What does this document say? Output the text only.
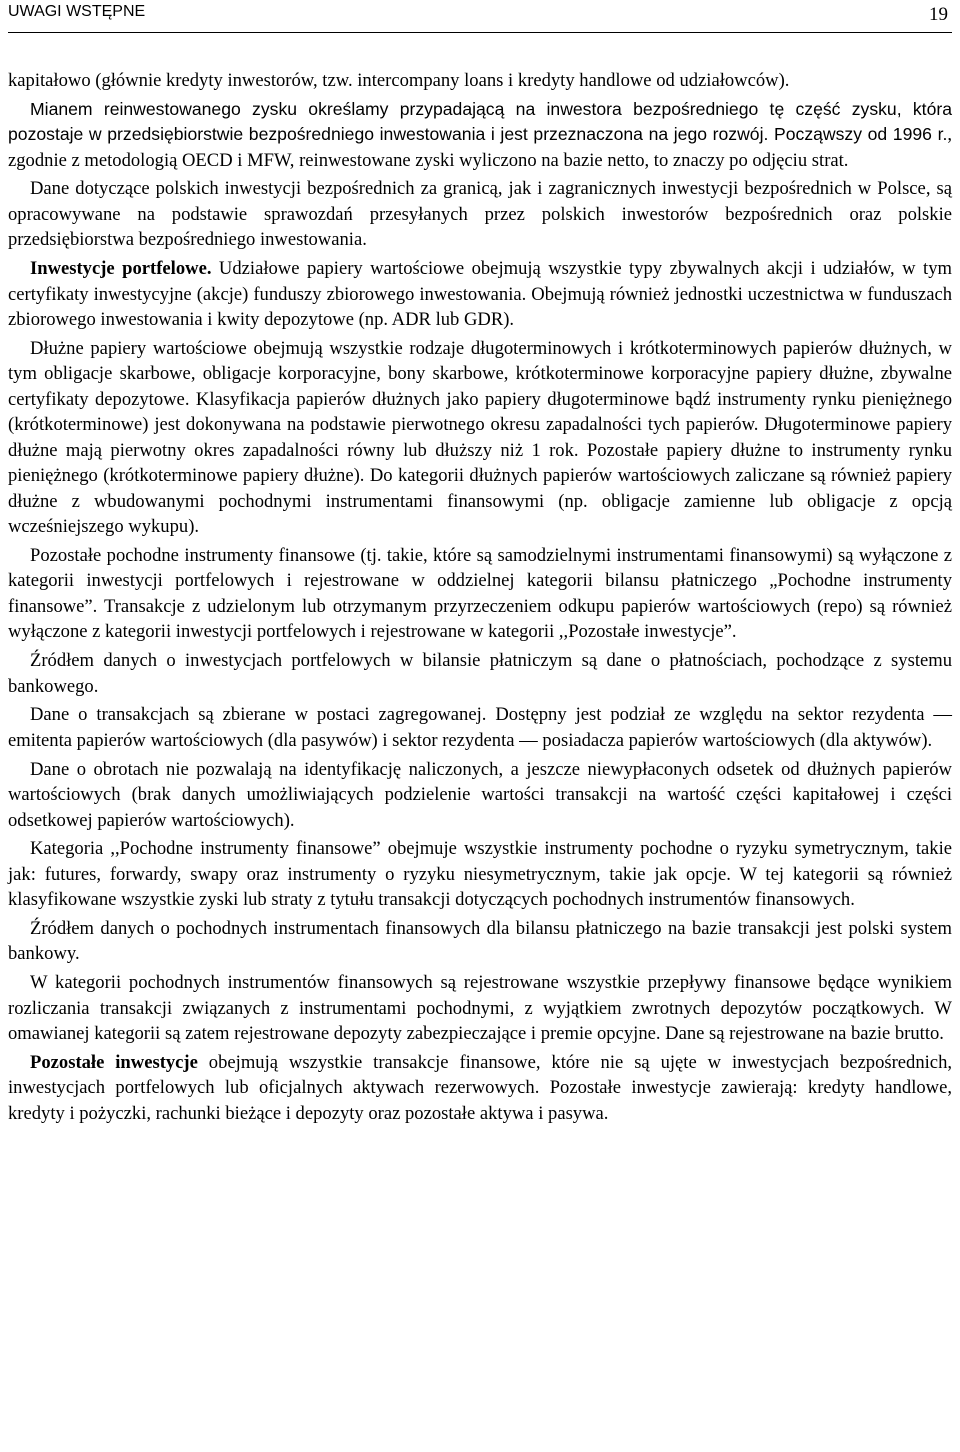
UWAGI WSTĘPNE	19

kapitałowo (głównie kredyty inwestorów, tzw. intercompany loans i kredyty handlowe od udziałowców).

Mianem reinwestowanego zysku określamy przypadającą na inwestora bezpośredniego tę część zysku, która pozostaje w przedsiębiorstwie bezpośredniego inwestowania i jest przeznaczona na jego rozwój. Począwszy od 1996 r., zgodnie z metodologią OECD i MFW, reinwestowane zyski wyliczono na bazie netto, to znaczy po odjęciu strat.

Dane dotyczące polskich inwestycji bezpośrednich za granicą, jak i zagranicznych inwestycji bezpośrednich w Polsce, są opracowywane na podstawie sprawozdań przesyłanych przez polskich inwestorów bezpośrednich oraz polskie przedsiębiorstwa bezpośredniego inwestowania.

Inwestycje portfelowe. Udziałowe papiery wartościowe obejmują wszystkie typy zbywalnych akcji i udziałów, w tym certyfikaty inwestycyjne (akcje) funduszy zbiorowego inwestowania. Obejmują również jednostki uczestnictwa w funduszach zbiorowego inwestowania i kwity depozytowe (np. ADR lub GDR).

Dłużne papiery wartościowe obejmują wszystkie rodzaje długoterminowych i krótkoterminowych papierów dłużnych, w tym obligacje skarbowe, obligacje korporacyjne, bony skarbowe, krótkoterminowe korporacyjne papiery dłużne, zbywalne certyfikaty depozytowe. Klasyfikacja papierów dłużnych jako papiery długoterminowe bądź instrumenty rynku pieniężnego (krótkoterminowe) jest dokonywana na podstawie pierwotnego okresu zapadalności tych papierów. Długoterminowe papiery dłużne mają pierwotny okres zapadalności równy lub dłuższy niż 1 rok. Pozostałe papiery dłużne to instrumenty rynku pieniężnego (krótkoterminowe papiery dłużne). Do kategorii dłużnych papierów wartościowych zaliczane są również papiery dłużne z wbudowanymi pochodnymi instrumentami finansowymi (np. obligacje zamienne lub obligacje z opcją wcześniejszego wykupu).

Pozostałe pochodne instrumenty finansowe (tj. takie, które są samodzielnymi instrumentami finansowymi) są wyłączone z kategorii inwestycji portfelowych i rejestrowane w oddzielnej kategorii bilansu płatniczego „Pochodne instrumenty finansowe”. Transakcje z udzielonym lub otrzymanym przyrzeczeniem odkupu papierów wartościowych (repo) są również wyłączone z kategorii inwestycji portfelowych i rejestrowane w kategorii ,,Pozostałe inwestycje”.

Źródłem danych o inwestycjach portfelowych w bilansie płatniczym są dane o płatnościach, pochodzące z systemu bankowego.

Dane o transakcjach są zbierane w postaci zagregowanej. Dostępny jest podział ze względu na sektor rezydenta — emitenta papierów wartościowych (dla pasywów) i sektor rezydenta — posiadacza papierów wartościowych (dla aktywów).

Dane o obrotach nie pozwalają na identyfikację naliczonych, a jeszcze niewypłaconych odsetek od dłużnych papierów wartościowych (brak danych umożliwiających podzielenie wartości transakcji na wartość części kapitałowej i części odsetkowej papierów wartościowych).

Kategoria ,,Pochodne instrumenty finansowe” obejmuje wszystkie instrumenty pochodne o ryzyku symetrycznym, takie jak: futures, forwardy, swapy oraz instrumenty o ryzyku niesymetrycznym, takie jak opcje. W tej kategorii są również klasyfikowane wszystkie zyski lub straty z tytułu transakcji dotyczących pochodnych instrumentów finansowych.

Źródłem danych o pochodnych instrumentach finansowych dla bilansu płatniczego na bazie transakcji jest polski system bankowy.

W kategorii pochodnych instrumentów finansowych są rejestrowane wszystkie przepływy finansowe będące wynikiem rozliczania transakcji związanych z instrumentami pochodnymi, z wyjątkiem zwrotnych depozytów początkowych. W omawianej kategorii są zatem rejestrowane depozyty zabezpieczające i premie opcyjne. Dane są rejestrowane na bazie brutto.

Pozostałe inwestycje obejmują wszystkie transakcje finansowe, które nie są ujęte w inwestycjach bezpośrednich, inwestycjach portfelowych lub oficjalnych aktywach rezerwowych. Pozostałe inwestycje zawierają: kredyty handlowe, kredyty i pożyczki, rachunki bieżące i depozyty oraz pozostałe aktywa i pasywa.
